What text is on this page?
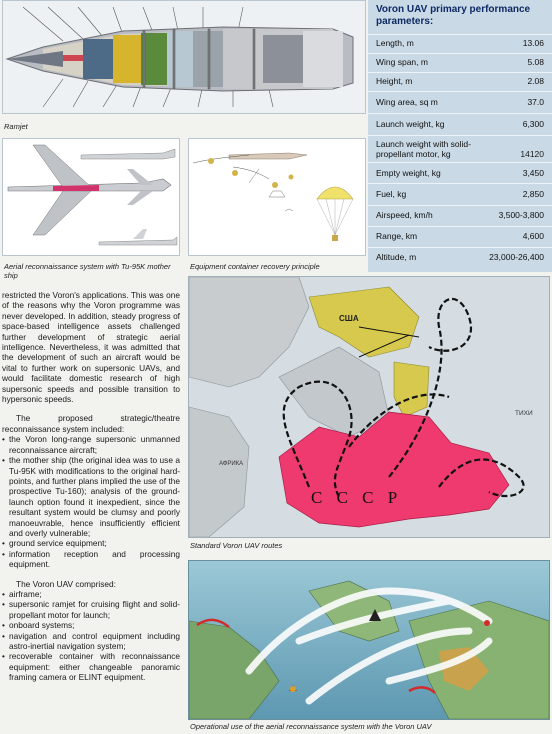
Ramjet
Aerial reconnaissance system with Tu-95K mother ship
Equipment container recovery principle
Voron UAV primary performance parameters:
Length, m	13.06
Wing span, m	5.08
Height, m	2.08
Wing area, sq m	37.0
Launch weight, kg	6,300
Launch weight with solid-propellant motor, kg	14120
Empty weight, kg	3,450
Fuel, kg	2,850
Airspeed, km/h	3,500-3,800
Range, km	4,600
Altitude, m	23,000-26,400

restricted the Voron's applications. This was one of the reasons why the Voron programme was never developed. In addition, steady progress of space-based intelligence assets challenged further development of strategic aerial intelligence. Nevertheless, it was admitted that the development of such an aircraft would be vital to further work on supersonic UAVs, and would facilitate domestic research of high supersonic speeds and possible transition to hypersonic speeds.

The proposed strategic/theatre reconnaissance system included:

• the Voron long-range supersonic unmanned reconnaissance aircraft;
• the mother ship (the original idea was to use a Tu-95K with modifications to the original hard-points, and further plans implied the use of the prospective Tu-160); analysis of the ground-launch option found it inexpedient, since the resultant system would be clumsy and poorly manoeuvrable, hence insufficiently efficient and overly vulnerable;
• ground service equipment;
• information reception and processing equipment.

The Voron UAV comprised:

• airframe;
• supersonic ramjet for cruising flight and solid-propellant motor for launch;
• onboard systems;
• navigation and control equipment including astro-inertial navigation system;
• recoverable container with reconnaissance equipment: either changeable panoramic framing camera or ELINT equipment.
США
С С С Р
АФРИКА
ТИХИ
Standard Voron UAV routes
Operational use of the aerial reconnaissance system with the Voron UAV
